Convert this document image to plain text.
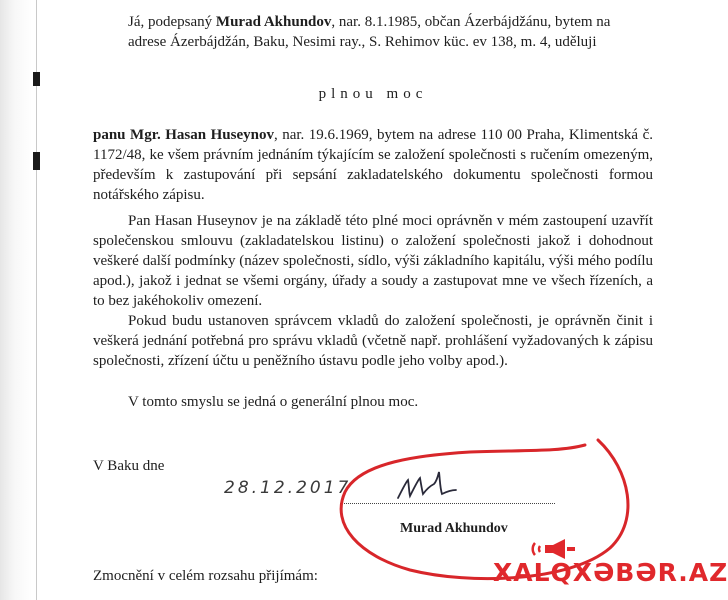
Já, podepsaný Murad Akhundov, nar. 8.1.1985, občan Ázerbájdžánu, bytem na adrese Ázerbájdžán, Baku, Nesimi ray., S. Rehimov küc. ev 138, m. 4, uděluji
plnou moc
panu Mgr. Hasan Huseynov, nar. 19.6.1969, bytem na adrese 110 00 Praha, Klimentská č. 1172/48, ke všem právním jednáním týkajícím se založení společnosti s ručením omezeným, především k zastupování při sepsání zakladatelského dokumentu společnosti formou notářského zápisu.
Pan Hasan Huseynov je na základě této plné moci oprávněn v mém zastoupení uzavřít společenskou smlouvu (zakladatelskou listinu) o založení společnosti jakož i dohodnout veškeré další podmínky (název společnosti, sídlo, výši základního kapitálu, výši mého podílu apod.), jakož i jednat se všemi orgány, úřady a soudy a zastupovat mne ve všech řízeních, a to bez jakéhokoliv omezení.
Pokud budu ustanoven správcem vkladů do založení společnosti, je oprávněn činit i veškerá jednání potřebná pro správu vkladů (včetně např. prohlášení vyžadovaných k zápisu společnosti, zřízení účtu u peněžního ústavu podle jeho volby apod.).
V tomto smyslu se jedná o generální plnou moc.
V Baku dne
28.12.2017
Murad Akhundov
Zmocnění v celém rozsahu přijímám:	XALQXƏBƏR.AZ
